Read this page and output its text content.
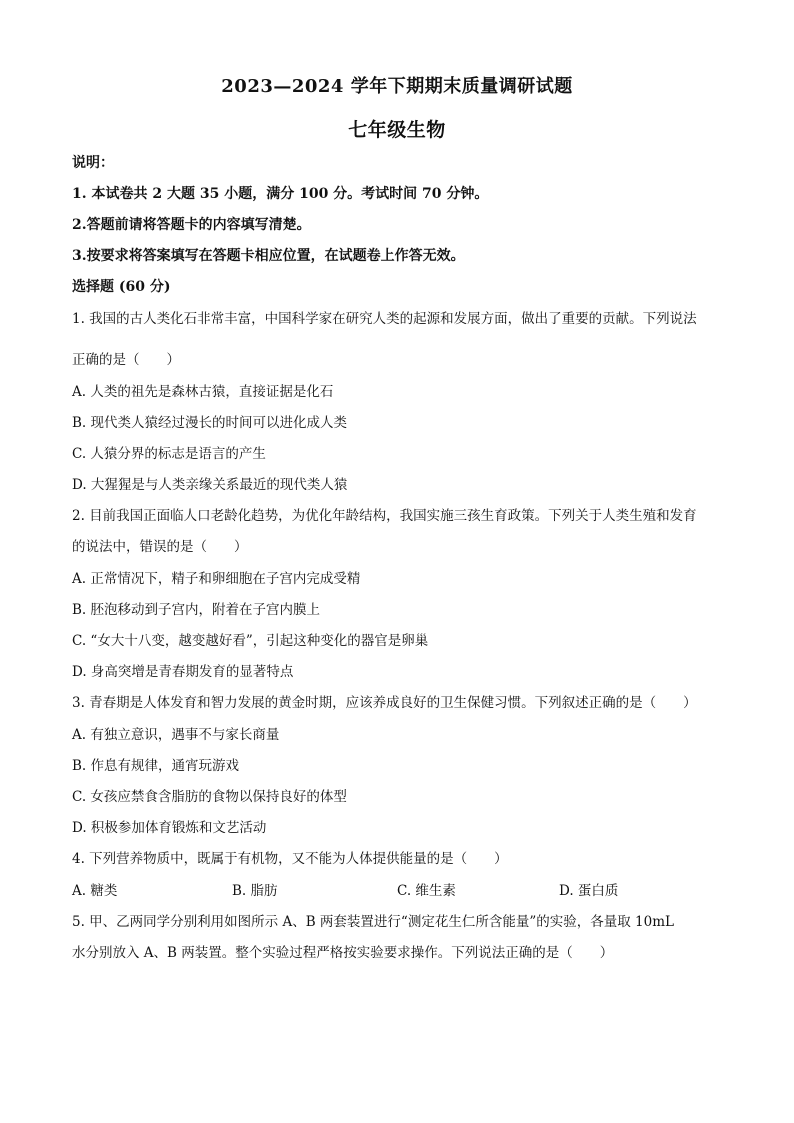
2023—2024 学年下期期末质量调研试题
七年级生物
说明：
1. 本试卷共 2 大题 35 小题，满分 100 分。考试时间 70 分钟。
2.答题前请将答题卡的内容填写清楚。
3.按要求将答案填写在答题卡相应位置，在试题卷上作答无效。
选择题 (60 分)
1. 我国的古人类化石非常丰富，中国科学家在研究人类的起源和发展方面，做出了重要的贡献。下列说法
正确的是（　　）
A. 人类的祖先是森林古猿，直接证据是化石
B. 现代类人猿经过漫长的时间可以进化成人类
C. 人猿分界的标志是语言的产生
D. 大猩猩是与人类亲缘关系最近的现代类人猿
2. 目前我国正面临人口老龄化趋势，为优化年龄结构，我国实施三孩生育政策。下列关于人类生殖和发育
的说法中，错误的是（　　）
A. 正常情况下，精子和卵细胞在子宫内完成受精
B. 胚泡移动到子宫内，附着在子宫内膜上
C. “女大十八变，越变越好看”，引起这种变化的器官是卵巢
D. 身高突增是青春期发育的显著特点
3. 青春期是人体发育和智力发展的黄金时期，应该养成良好的卫生保健习惯。下列叙述正确的是（　　）
A. 有独立意识，遇事不与家长商量
B. 作息有规律，通宵玩游戏
C. 女孩应禁食含脂肪的食物以保持良好的体型
D. 积极参加体育锻炼和文艺活动
4. 下列营养物质中，既属于有机物，又不能为人体提供能量的是（　　）
A. 糖类	B. 脂肪	C. 维生素	D. 蛋白质
5. 甲、乙两同学分别利用如图所示 A、B 两套装置进行“测定花生仁所含能量”的实验，各量取 10mL
水分别放入 A、B 两装置。整个实验过程严格按实验要求操作。下列说法正确的是（　　）
